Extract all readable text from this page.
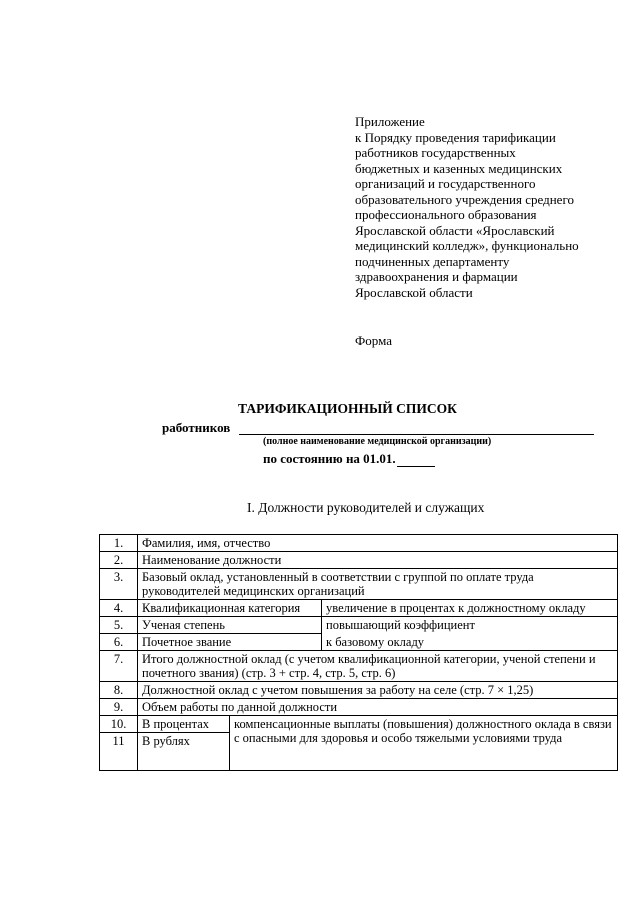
Приложение
к Порядку проведения тарификации
работников государственных
бюджетных и казенных медицинских
организаций и государственного
образовательного учреждения среднего
профессионального образования
Ярославской области «Ярославский
медицинский колледж», функционально
подчиненных департаменту
здравоохранения и фармации
Ярославской области
Форма
ТАРИФИКАЦИОННЫЙ СПИСОК
работников
(полное наименование медицинской организации)
по состоянию на 01.01.
I. Должности руководителей и служащих
1.	Фамилия, имя, отчество		
2.	Наименование должности		
3.	Базовый оклад, установленный в соответствии с группой по оплате труда руководителей медицинских организаций		
4.	Квалификационная категория		увеличение в процентах к должностному окладу
5.	Ученая степень		повышающий коэффициент
6.	Почетное звание		к базовому окладу
7.	Итого должностной оклад (с учетом квалификационной категории, ученой степени и почетного звания) (стр. 3 + стр. 4, стр. 5, стр. 6)		
8.	Должностной оклад с учетом повышения за работу на селе (стр. 7 × 1,25)		
9.	Объем работы по данной должности		
10.	В процентах	компенсационные выплаты (повышения) должностного оклада в связи с опасными для здоровья и особо тяжелыми условиями труда	
11	В рублях		
